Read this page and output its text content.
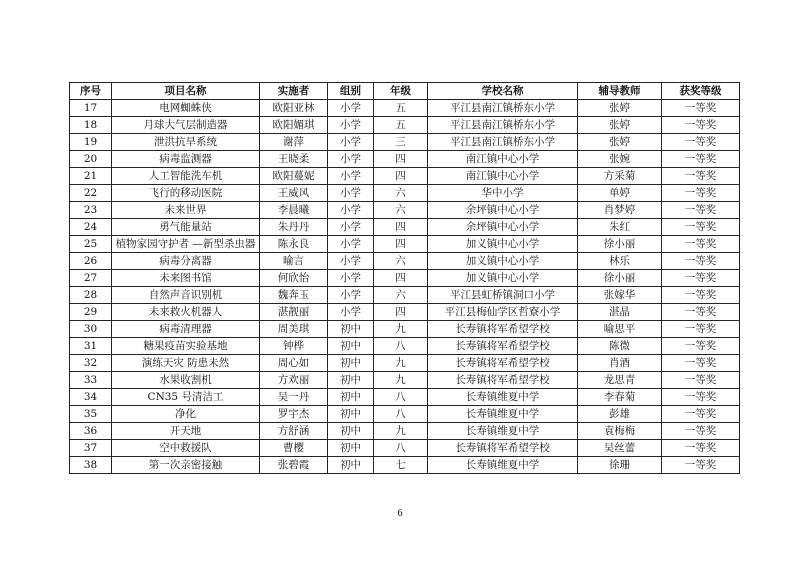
序号	项目名称	实施者	组别	年级	学校名称	辅导教师	获奖等级
17	电网蜘蛛侠	欧阳亚林	小学	五	平江县南江镇桥东小学	张婷	一等奖
18	月球大气层制造器	欧阳媚琪	小学	五	平江县南江镇桥东小学	张婷	一等奖
19	泄洪抗旱系统	谢萍	小学	三	平江县南江镇桥东小学	张婷	一等奖
20	病毒监测器	王晓柔	小学	四	南江镇中心小学	张婉	一等奖
21	人工智能洗车机	欧阳蔓妮	小学	四	南江镇中心小学	方采菊	一等奖
22	飞行的移动医院	王威风	小学	六	华中小学	单婷	一等奖
23	未来世界	李晨曦	小学	六	余坪镇中心小学	肖梦婷	一等奖
24	勇气能量站	朱丹丹	小学	四	余坪镇中心小学	朱红	一等奖
25	植物家园守护者 —新型杀虫器	陈永良	小学	四	加义镇中心小学	徐小丽	一等奖
26	病毒分离器	喻言	小学	六	加义镇中心小学	林乐	一等奖
27	未来图书馆	何欣怡	小学	四	加义镇中心小学	徐小丽	一等奖
28	自然声音识别机	魏奔玉	小学	六	平江县虹桥镇洞口小学	张嫁华	一等奖
29	未来救火机器人	湛靓丽	小学	四	平江县梅仙学区哲寮小学	湛晶	一等奖
30	病毒清理器	周美琪	初中	九	长寿镇将军希望学校	喻思平	一等奖
31	糖果疫苗实验基地	钟桦	初中	八	长寿镇将军希望学校	陈微	一等奖
32	演练天灾 防患未然	周心如	初中	九	长寿镇将军希望学校	肖酒	一等奖
33	水果收割机	方欢丽	初中	九	长寿镇将军希望学校	龙思青	一等奖
34	CN35 号清洁工	吴一丹	初中	八	长寿镇维夏中学	李春菊	一等奖
35	净化	罗宇杰	初中	八	长寿镇维夏中学	彭雄	一等奖
36	开天地	方舒涵	初中	九	长寿镇维夏中学	袁梅梅	一等奖
37	空中救援队	曹樱	初中	八	长寿镇将军希望学校	吴丝蕾	一等奖
38	第一次亲密接触	张碧霞	初中	七	长寿镇维夏中学	徐珊	一等奖
6
